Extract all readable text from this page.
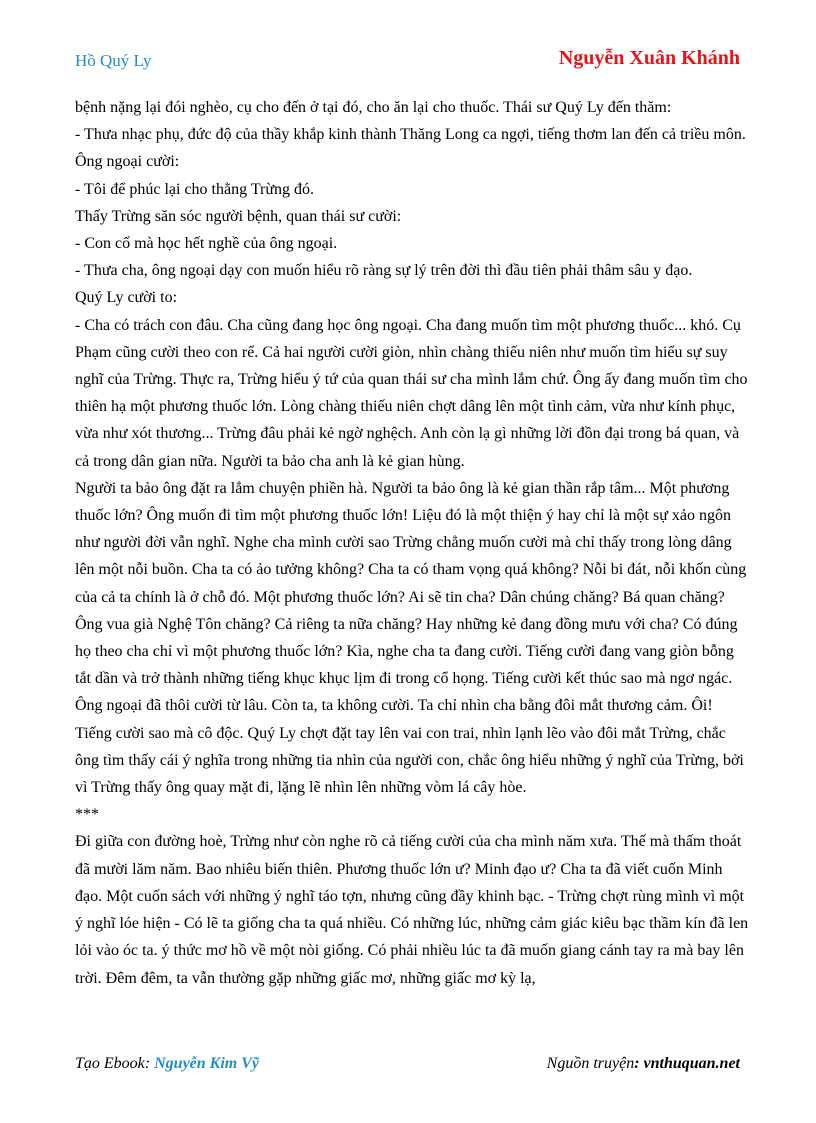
Hồ Quý Ly	Nguyễn Xuân Khánh

bệnh nặng lại đói nghèo, cụ cho đến ở tại đó, cho ăn lại cho thuốc. Thái sư Quý Ly đến thăm:

- Thưa nhạc phụ, đức độ của thầy khắp kinh thành Thăng Long ca ngợi, tiếng thơm lan đến cả triều môn. Ông ngoại cười:

- Tôi để phúc lại cho thằng Trừng đó.

Thấy Trừng săn sóc người bệnh, quan thái sư cười:

- Con cố mà học hết nghề của ông ngoại.

- Thưa cha, ông ngoại dạy con muốn hiểu rõ ràng sự lý trên đời thì đầu tiên phải thâm sâu y đạo.

Quý Ly cười to:

- Cha có trách con đâu. Cha cũng đang học ông ngoại. Cha đang muốn tìm một phương thuốc... khó. Cụ Phạm cũng cười theo con rể. Cả hai người cười giòn, nhìn chàng thiếu niên như muốn tìm hiểu sự suy nghĩ của Trừng. Thực ra, Trừng hiểu ý tứ của quan thái sư cha mình lắm chứ. Ông ấy đang muốn tìm cho thiên hạ một phương thuốc lớn. Lòng chàng thiếu niên chợt dâng lên một tình cảm, vừa như kính phục, vừa như xót thương... Trừng đâu phải kẻ ngờ nghệch. Anh còn lạ gì những lời đồn đại trong bá quan, và cả trong dân gian nữa. Người ta bảo cha anh là kẻ gian hùng.

Người ta bảo ông đặt ra lắm chuyện phiền hà. Người ta bảo ông là kẻ gian thần rắp tâm... Một phương thuốc lớn? Ông muốn đi tìm một phương thuốc lớn! Liệu đó là một thiện ý hay chỉ là một sự xảo ngôn như người đời vẫn nghĩ. Nghe cha mình cười sao Trừng chẳng muốn cười mà chỉ thấy trong lòng dâng lên một nỗi buồn. Cha ta có ảo tưởng không? Cha ta có tham vọng quá không? Nỗi bi đát, nỗi khốn cùng của cả ta chính là ở chỗ đó. Một phương thuốc lớn? Ai sẽ tin cha? Dân chúng chăng? Bá quan chăng? Ông vua già Nghệ Tôn chăng? Cả riêng ta nữa chăng? Hay những kẻ đang đồng mưu với cha? Có đúng họ theo cha chỉ vì một phương thuốc lớn? Kìa, nghe cha ta đang cười. Tiếng cười đang vang giòn bỗng tắt dần và trở thành những tiếng khục khục lịm đi trong cổ họng. Tiếng cười kết thúc sao mà ngơ ngác. Ông ngoại đã thôi cười từ lâu. Còn ta, ta không cười. Ta chỉ nhìn cha bằng đôi mắt thương cảm. Ôi! Tiếng cười sao mà cô độc. Quý Ly chợt đặt tay lên vai con trai, nhìn lạnh lẽo vào đôi mắt Trừng, chắc ông tìm thấy cái ý nghĩa trong những tia nhìn của người con, chắc ông hiểu những ý nghĩ của Trừng, bởi vì Trừng thấy ông quay mặt đi, lặng lẽ nhìn lên những vòm lá cây hòe.

***

Đi giữa con đường hoè, Trừng như còn nghe rõ cả tiếng cười của cha mình năm xưa. Thế mà thấm thoát đã mười lăm năm. Bao nhiêu biến thiên. Phương thuốc lớn ư? Minh đạo ư? Cha ta đã viết cuốn Minh đạo. Một cuốn sách với những ý nghĩ táo tợn, nhưng cũng đầy khinh bạc. - Trừng chợt rùng mình vì một ý nghĩ lóe hiện - Có lẽ ta giống cha ta quá nhiều. Có những lúc, những cảm giác kiêu bạc thầm kín đã len lỏi vào óc ta. ý thức mơ hồ về một nòi giống. Có phải nhiều lúc ta đã muốn giang cánh tay ra mà bay lên trời. Đêm đêm, ta vẫn thường gặp những giấc mơ, những giấc mơ kỳ lạ,

Tạo Ebook: Nguyễn Kim Vỹ	Nguồn truyện: vnthuquan.net
